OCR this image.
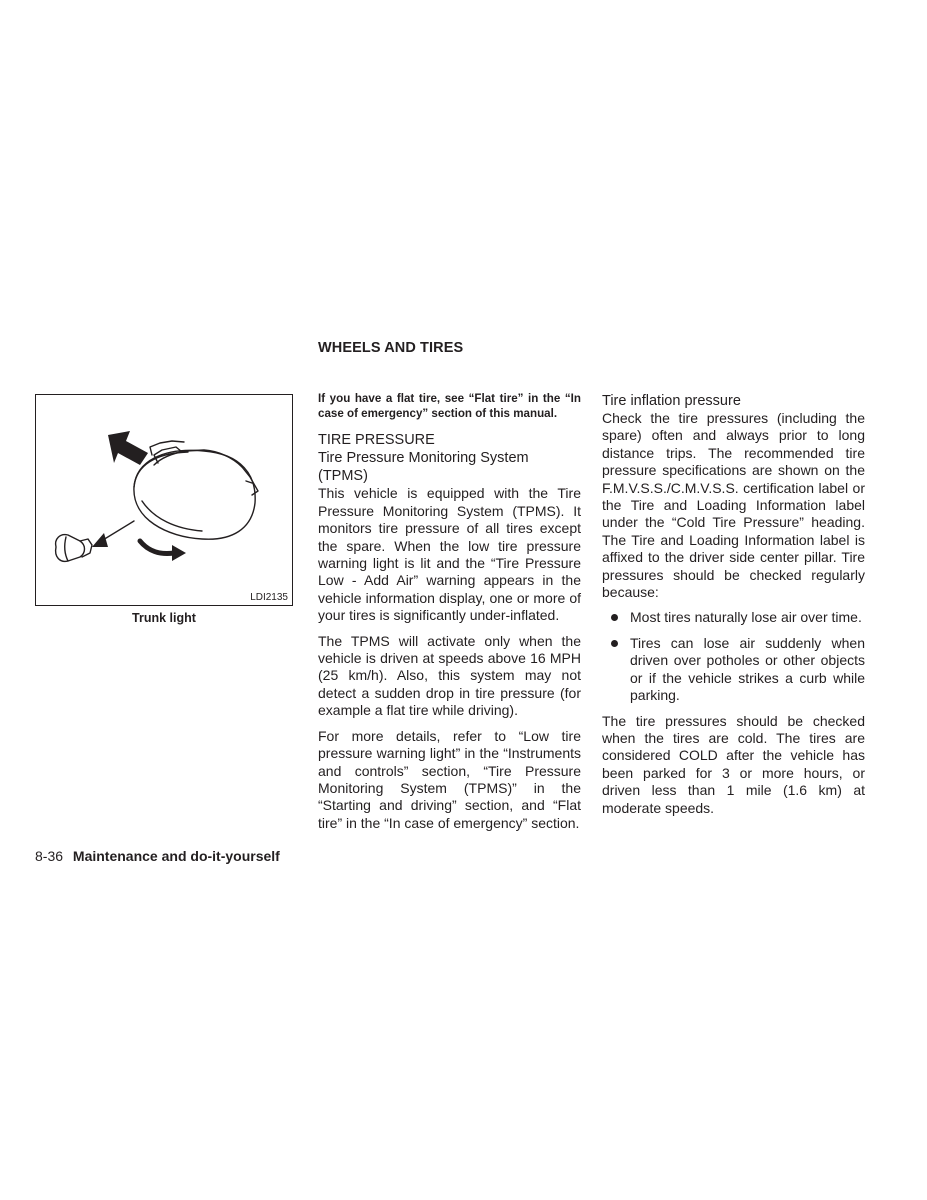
WHEELS AND TIRES
LDI2135
Trunk light

If you have a flat tire, see “Flat tire” in the “In case of emergency” section of this manual.

TIRE PRESSURE

Tire Pressure Monitoring System (TPMS)

This vehicle is equipped with the Tire Pressure Monitoring System (TPMS). It monitors tire pressure of all tires except the spare. When the low tire pressure warning light is lit and the “Tire Pressure Low - Add Air” warning appears in the vehicle information display, one or more of your tires is significantly under-inflated.

The TPMS will activate only when the vehicle is driven at speeds above 16 MPH (25 km/h). Also, this system may not detect a sudden drop in tire pressure (for example a flat tire while driving).

For more details, refer to “Low tire pressure warning light” in the “Instruments and controls” section, “Tire Pressure Monitoring System (TPMS)” in the “Starting and driving” section, and “Flat tire” in the “In case of emergency” section.

Tire inflation pressure

Check the tire pressures (including the spare) often and always prior to long distance trips. The recommended tire pressure specifications are shown on the F.M.V.S.S./C.M.V.S.S. certification label or the Tire and Loading Information label under the “Cold Tire Pressure” heading. The Tire and Loading Information label is affixed to the driver side center pillar. Tire pressures should be checked regularly because:

Most tires naturally lose air over time.
Tires can lose air suddenly when driven over potholes or other objects or if the vehicle strikes a curb while parking.

The tire pressures should be checked when the tires are cold. The tires are considered COLD after the vehicle has been parked for 3 or more hours, or driven less than 1 mile (1.6 km) at moderate speeds.

8-36 Maintenance and do-it-yourself
